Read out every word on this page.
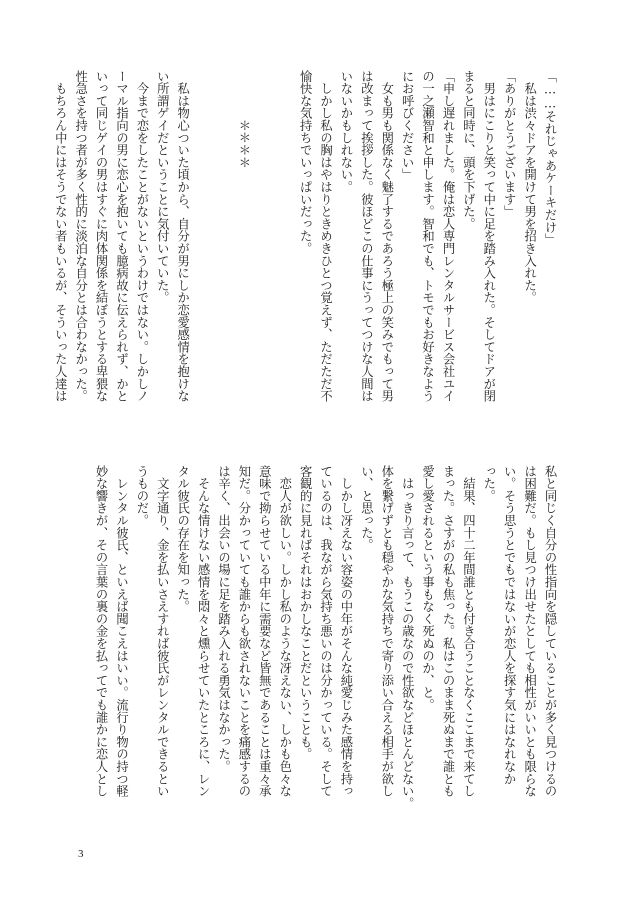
「……それじゃあケーキだけ」
　私は渋々ドアを開けて男を招き入れた。
「ありがとうございます」
　男はにこりと笑って中に足を踏み入れた。そしてドアが閉
まると同時に、頭を下げた。
「申し遅れました。俺は恋人専門レンタルサービス会社ユイ
の一之瀬智和と申します。智和でも、トモでもお好きなよう
にお呼びください」
　女も男も関係なく魅了するであろう極上の笑みでもって男
は改まって挨拶した。彼ほどこの仕事にうってつけな人間は
いないかもしれない。
　しかし私の胸はやはりときめきひとつ覚えず、ただただ不
愉快な気持ちでいっぱいだった。

　　　　＊＊＊＊

　私は物心ついた頃から、自分が男にしか恋愛感情を抱けな
い所謂ゲイだということに気付いていた。
　今まで恋をしたことがないというわけではない。しかしノ
ーマル指向の男に恋心を抱いても臆病故に伝えられず、かと
いって同じゲイの男はすぐに肉体関係を結ぼうとする卑猥な
性急さを持つ者が多く性的に淡泊な自分とは合わなかった。
　もちろん中にはそうでない者もいるが、そういった人達は
私と同じく自分の性指向を隠していることが多く見つけるの
は困難だ。もし見つけ出せたとしても相性がいいとも限らな
い。そう思うとでもではないが恋人を探す気にはなれなか
った。
　結果、四十二年間誰とも付き合うことなくここまで来てし
まった。さすがの私も焦った。私はこのまま死ぬまで誰とも
愛し愛されるという事もなく死ぬのか、と。
　はっきり言って、もうこの歳なので性欲などほとんどない。
体を繋げずとも穏やかな気持ちで寄り添い合える相手が欲し
い、と思った。
　しかし冴えない容姿の中年がそんな純愛じみた感情を持っ
ているのは、我ながら気持ち悪いのは分かっている。そして
客観的に見ればそれはおかしなことだということも。
　恋人が欲しい。しかし私のような冴えない、しかも色々な
意味で拗らせている中年に需要など皆無であることは重々承
知だ。分かっていても誰からも欲されないことを痛感するの
は辛く、出会いの場に足を踏み入れる勇気はなかった。
　そんな情けない感情を悶々と燻らせていたところに、レン
タル彼氏の存在を知った。
　文字通り、金を払いさえすれば彼氏がレンタルできるとい
うものだ。
　レンタル彼氏、といえば聞こえはいい。流行り物の持つ軽
妙な響きが、その言葉の裏の金を払ってでも誰かに恋人とし
3
